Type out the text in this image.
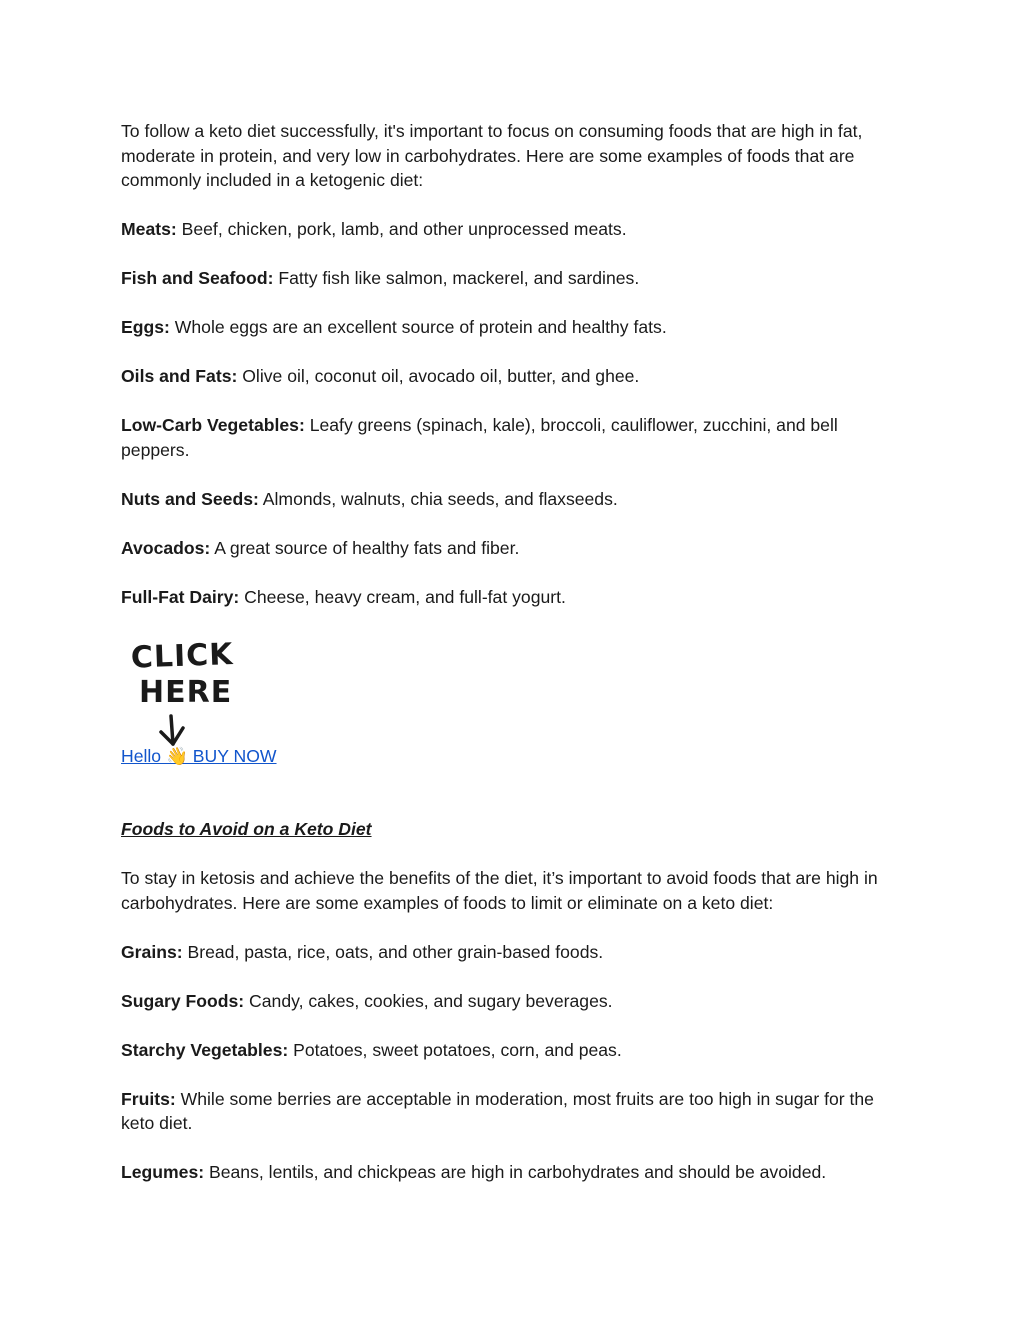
To follow a keto diet successfully, it's important to focus on consuming foods that are high in fat, moderate in protein, and very low in carbohydrates. Here are some examples of foods that are commonly included in a ketogenic diet:

Meats: Beef, chicken, pork, lamb, and other unprocessed meats.

Fish and Seafood: Fatty fish like salmon, mackerel, and sardines.

Eggs: Whole eggs are an excellent source of protein and healthy fats.

Oils and Fats: Olive oil, coconut oil, avocado oil, butter, and ghee.

Low-Carb Vegetables: Leafy greens (spinach, kale), broccoli, cauliflower, zucchini, and bell peppers.

Nuts and Seeds: Almonds, walnuts, chia seeds, and flaxseeds.

Avocados: A great source of healthy fats and fiber.

Full-Fat Dairy: Cheese, heavy cream, and full-fat yogurt.

CLICK
HERE
Hello 👋 BUY NOW

Foods to Avoid on a Keto Diet

To stay in ketosis and achieve the benefits of the diet, it’s important to avoid foods that are high in carbohydrates. Here are some examples of foods to limit or eliminate on a keto diet:

Grains: Bread, pasta, rice, oats, and other grain-based foods.

Sugary Foods: Candy, cakes, cookies, and sugary beverages.

Starchy Vegetables: Potatoes, sweet potatoes, corn, and peas.

Fruits: While some berries are acceptable in moderation, most fruits are too high in sugar for the keto diet.

Legumes: Beans, lentils, and chickpeas are high in carbohydrates and should be avoided.
